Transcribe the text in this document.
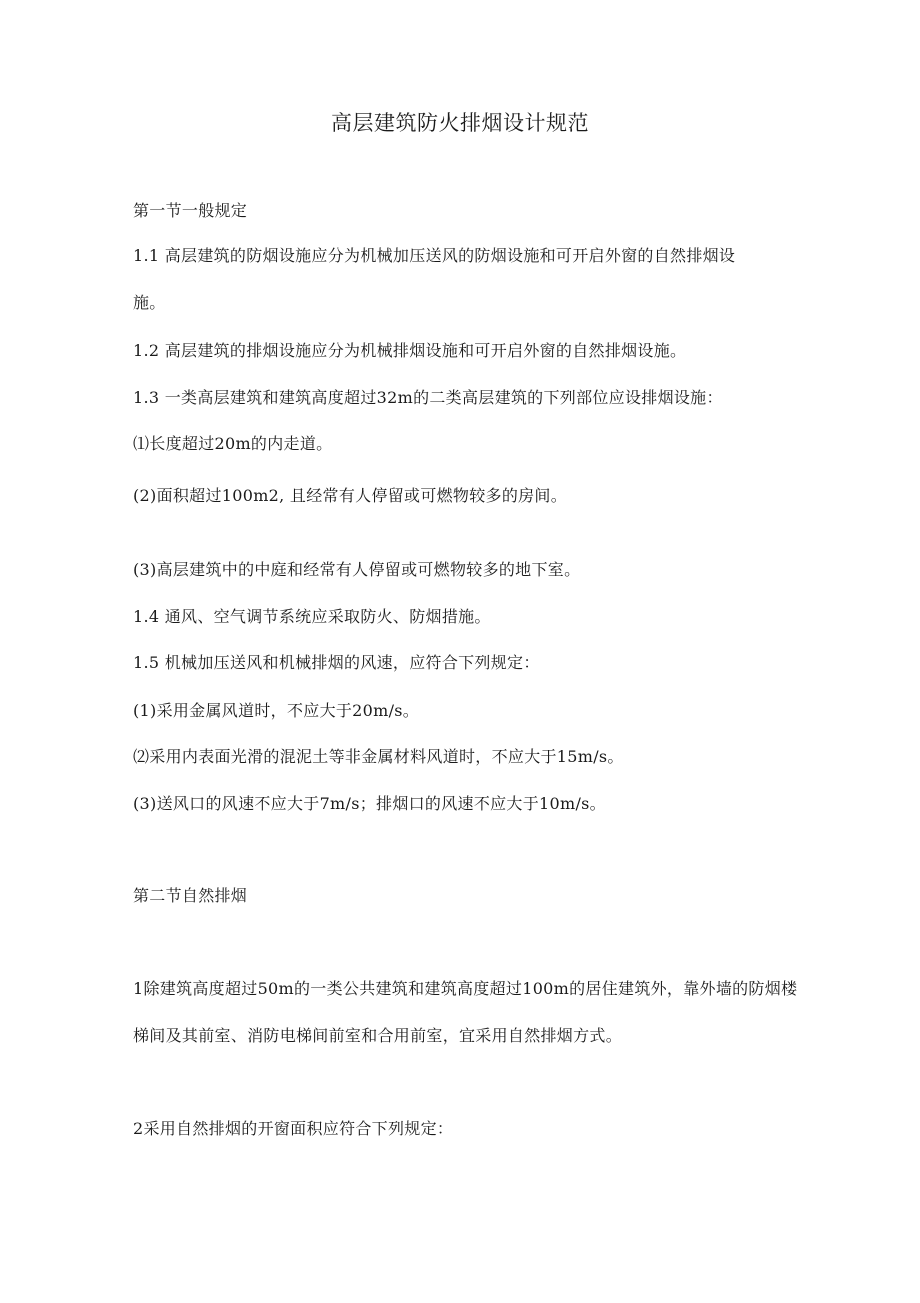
高层建筑防火排烟设计规范
第一节一般规定
1.1 高层建筑的防烟设施应分为机械加压送风的防烟设施和可开启外窗的自然排烟设
施。
1.2 高层建筑的排烟设施应分为机械排烟设施和可开启外窗的自然排烟设施。
1.3 一类高层建筑和建筑高度超过32m的二类高层建筑的下列部位应设排烟设施：
⑴长度超过20m的内走道。
(2)面积超过100m2, 且经常有人停留或可燃物较多的房间。
(3)高层建筑中的中庭和经常有人停留或可燃物较多的地下室。
1.4 通风、空气调节系统应采取防火、防烟措施。
1.5 机械加压送风和机械排烟的风速，应符合下列规定：
(1)采用金属风道时，不应大于20m/s。
⑵采用内表面光滑的混泥土等非金属材料风道时，不应大于15m/s。
(3)送风口的风速不应大于7m/s；排烟口的风速不应大于10m/s。
第二节自然排烟
1除建筑高度超过50m的一类公共建筑和建筑高度超过100m的居住建筑外，靠外墙的防烟楼
梯间及其前室、消防电梯间前室和合用前室，宜采用自然排烟方式。
2采用自然排烟的开窗面积应符合下列规定：
